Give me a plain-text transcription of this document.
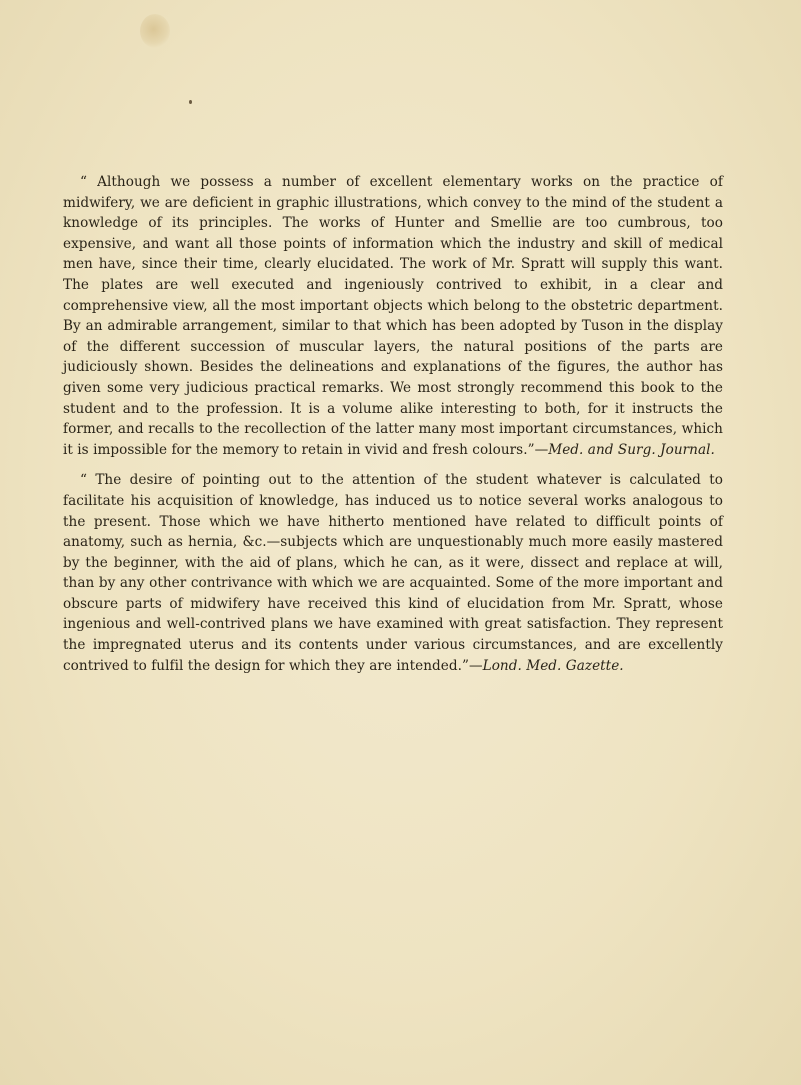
“ Although we possess a number of excellent elementary works on the practice of midwifery, we are deficient in graphic illustrations, which convey to the mind of the student a knowledge of its principles. The works of Hunter and Smellie are too cumbrous, too expensive, and want all those points of information which the industry and skill of medical men have, since their time, clearly elucidated. The work of Mr. Spratt will supply this want. The plates are well executed and ingeniously contrived to exhibit, in a clear and comprehensive view, all the most important objects which belong to the obstetric department. By an admirable arrangement, similar to that which has been adopted by Tuson in the display of the different succession of muscular layers, the natural positions of the parts are judiciously shown. Besides the delineations and explanations of the figures, the author has given some very judicious practical remarks. We most strongly recommend this book to the student and to the profession. It is a volume alike interesting to both, for it instructs the former, and recalls to the recollection of the latter many most important circumstances, which it is impossible for the memory to retain in vivid and fresh colours.”—Med. and Surg. Journal.

“ The desire of pointing out to the attention of the student whatever is calculated to facilitate his acquisition of knowledge, has induced us to notice several works analogous to the present. Those which we have hitherto mentioned have related to difficult points of anatomy, such as hernia, &c.—subjects which are unquestionably much more easily mastered by the beginner, with the aid of plans, which he can, as it were, dissect and replace at will, than by any other contrivance with which we are acquainted. Some of the more important and obscure parts of midwifery have received this kind of elucidation from Mr. Spratt, whose ingenious and well-contrived plans we have examined with great satisfaction. They represent the impregnated uterus and its contents under various circumstances, and are excellently contrived to fulfil the design for which they are intended.”—Lond. Med. Gazette.
